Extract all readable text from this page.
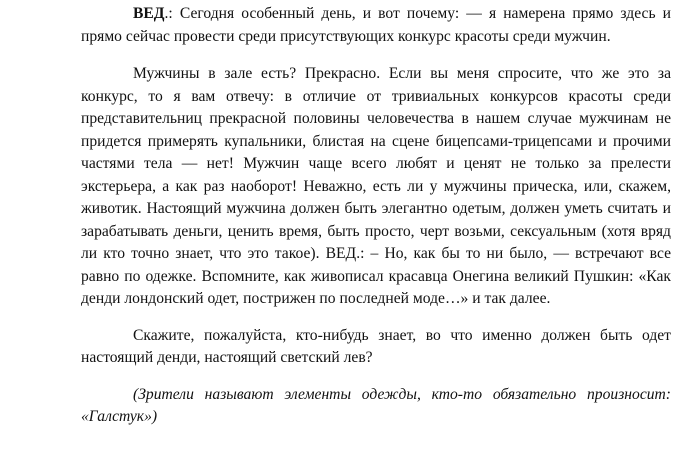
ВЕД.: Сегодня особенный день, и вот почему: — я намерена прямо здесь и прямо сейчас провести среди присутствующих конкурс красоты среди мужчин.

Мужчины в зале есть? Прекрасно. Если вы меня спросите, что же это за конкурс, то я вам отвечу: в отличие от тривиальных конкурсов красоты среди представительниц прекрасной половины человечества в нашем случае мужчинам не придется примерять купальники, блистая на сцене бицепсами-трицепсами и прочими частями тела — нет! Мужчин чаще всего любят и ценят не только за прелести экстерьера, а как раз наоборот! Неважно, есть ли у мужчины прическа, или, скажем, животик. Настоящий мужчина должен быть элегантно одетым, должен уметь считать и зарабатывать деньги, ценить время, быть просто, черт возьми, сексуальным (хотя вряд ли кто точно знает, что это такое). ВЕД.: – Но, как бы то ни было, — встречают все равно по одежке. Вспомните, как живописал красавца Онегина великий Пушкин: «Как денди лондонский одет, пострижен по последней моде…» и так далее.

Скажите, пожалуйста, кто-нибудь знает, во что именно должен быть одет настоящий денди, настоящий светский лев?

(Зрители называют элементы одежды, кто-то обязательно произносит: «Галстук»)
